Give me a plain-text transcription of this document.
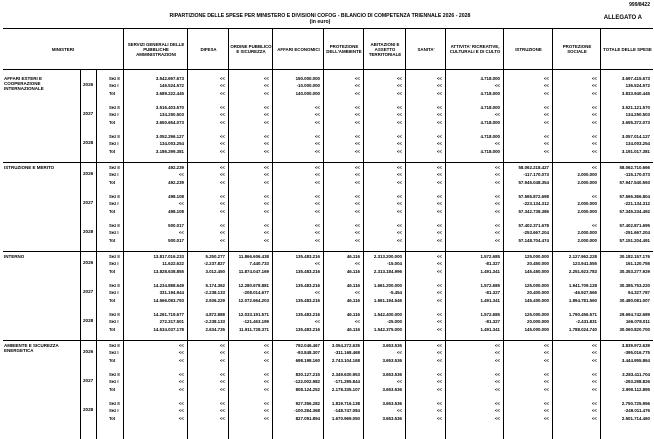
999/8422
RIPARTIZIONE DELLE SPESE PER MINISTERO E DIVISIONI COFOG - BILANCIO DI COMPETENZA TRIENNALE 2026 - 2028
(in euro)
ALLEGATO A
MINISTERI
SERVIZI GENERALI DELLE PUBBLICHE AMMINISTRAZIONI
DIFESA	ORDINE PUBBLICO E SICUREZZA	AFFARI ECONOMICI	PROTEZIONE DELL'AMBIENTE
ABITAZIONI E ASSETTO TERRITORIALE
SANITA'	ATTIVITA' RICREATIVE, CULTURALI E DI CULTO	ISTRUZIONE	PROTEZIONE SOCIALE	TOTALE DELLE SPESE
AFFARI ESTERI E COOPERAZIONE INTERNAZIONALE
2026
Sez II	3.542.697.673	<<	<<	150.000.000	<<	<<	<<	4.718.000	<<	<<	3.697.415.673
Sez I	146.524.572	<<	<<	-10.000.000	<<	<<	<<	<<	<<	<<	136.524.572
Tot	3.689.222.445	<<	<<	140.000.000	<<	<<	<<	4.718.000	<<	<<	3.833.940.445
2027
Sez II	3.516.403.570	<<	<<	<<	<<	<<	<<	4.718.000	<<	<<	3.521.121.570
Sez I	134.250.503	<<	<<	<<	<<	<<	<<	<<	<<	<<	134.250.503
Tot	3.650.654.073	<<	<<	<<	<<	<<	<<	4.718.000	<<	<<	3.655.372.073
2028
Sez II	3.052.296.127	<<	<<	<<	<<	<<	<<	4.718.000	<<	<<	3.057.014.127
Sez I	134.003.254	<<	<<	<<	<<	<<	<<	<<	<<	<<	134.003.254
Tot	3.186.299.381	<<	<<	<<	<<	<<	<<	4.718.000	<<	<<	3.191.017.381
ISTRUZIONE E MERITO
2026
Sez II	492.239	<<	<<	<<	<<	<<	<<	<<	58.062.218.427	<<	58.062.710.666
Sez I	<<	<<	<<	<<	<<	<<	<<	<<	-117.170.073	2.000.000	-115.170.073
Tot	492.239	<<	<<	<<	<<	<<	<<	<<	57.945.048.354	2.000.000	57.947.540.593
2027
Sez II	498.108	<<	<<	<<	<<	<<	<<	<<	57.565.872.698	<<	57.566.366.804
Sez I	<<	<<	<<	<<	<<	<<	<<	<<	-223.134.312	2.000.000	-221.134.312
Tot	498.108	<<	<<	<<	<<	<<	<<	<<	57.342.738.386	2.000.000	57.345.234.492
2028
Sez II	500.017	<<	<<	<<	<<	<<	<<	<<	57.402.371.678	<<	57.402.871.695
Sez I	<<	<<	<<	<<	<<	<<	<<	<<	-253.667.204	2.000.000	-251.667.204
Tot	500.017	<<	<<	<<	<<	<<	<<	<<	57.148.704.474	2.000.000	57.151.204.491
INTERNO
2026
Sez II	13.817.016.233	5.250.277	11.866.606.438	135.483.216	46.116	2.313.200.000	<<	1.572.685	125.000.000	2.127.962.228	30.182.157.176
Sez I	11.622.622	-2.237.827	7.440.733	<<	<<	-15.004	<<	-81.327	20.450.000	123.941.555	161.120.755
Tot	13.828.638.855	3.012.450	11.874.047.169	135.483.216	46.116	2.313.184.996	<<	1.491.341	145.450.000	2.251.923.783	30.353.277.929
2027
Sez II	14.234.888.649	5.174.362	12.280.678.881	135.483.216	46.116	1.661.200.000	<<	1.572.685	125.000.000	1.941.709.128	30.385.753.220
Sez I	331.194.944	-2.238.133	-208.014.677	<<	<<	-5.454	<<	-81.327	20.400.000	-46.927.566	94.327.787
Tot	14.566.083.793	2.936.229	12.072.664.203	135.483.216	46.116	1.661.194.546	<<	1.491.341	145.400.000	1.894.781.560	30.480.081.007
2028
Sez II	14.261.719.677	4.872.888	12.033.191.571	135.483.216	46.116	1.542.400.000	<<	1.572.685	125.000.000	1.790.456.571	29.694.742.689
Sez I	272.317.501	-2.238.133	-121.463.199	<<	<<	-25.000	<<	-81.327	20.000.000	-2.431.831	166.078.011
Tot	14.534.037.178	2.634.735	11.911.728.371	135.483.216	46.116	1.542.375.000	<<	1.491.341	145.000.000	1.788.024.740	30.060.820.700
AMBIENTE E SICUREZZA ENERGETICA	2026
Sez II	<<	<<	<<	792.046.467	3.054.272.635	3.653.536	<<	<<	<<	<<	3.839.972.639
Sez I	<<	<<	<<	-93.848.307	-311.168.468	<<	<<	<<	<<	<<	-395.016.775
Tot	<<	<<	<<	698.198.160	2.743.104.168	3.653.536	<<	<<	<<	<<	3.444.955.864
2027
Sez II	<<	<<	<<	830.127.215	2.349.630.953	3.653.536	<<	<<	<<	<<	3.283.411.704
Sez I	<<	<<	<<	-122.002.982	-171.295.844	<<	<<	<<	<<	<<	-293.298.826
Tot	<<	<<	<<	808.124.252	2.178.335.107	3.653.536	<<	<<	<<	<<	2.990.112.895
2028
Sez II	<<	<<	<<	927.356.282	1.819.716.138	3.653.536	<<	<<	<<	<<	2.750.725.956
Sez I	<<	<<	<<	-100.284.368	-148.747.084	<<	<<	<<	<<	<<	-249.011.476
Tot	<<	<<	<<	827.091.894	1.670.969.050	3.653.536	<<	<<	<<	<<	2.501.714.460
